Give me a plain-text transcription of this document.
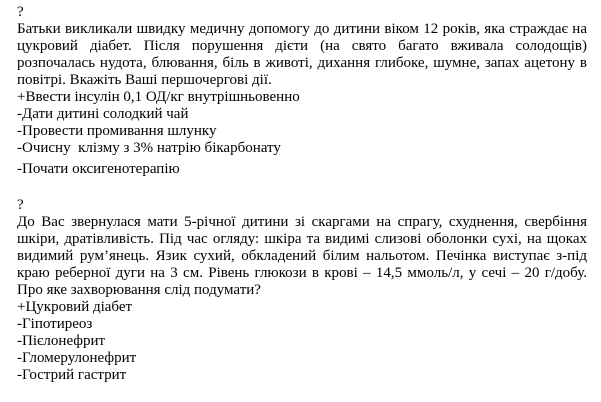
?

Батьки викликали швидку медичну допомогу до дитини віком 12 років, яка страждає на цукровий діабет. Після порушення дієти (на свято багато вживала солодощів) розпочалась нудота, блювання, біль в животі, дихання глибоке, шумне, запах ацетону в повітрі. Вкажіть Ваші першочергові дії.

+Ввести інсулін 0,1 ОД/кг внутрішньовенно
-Дати дитині солодкий чай
-Провести промивання шлунку
-Очисну  клізму з 3% натрію бікарбонату
-Почати оксигенотерапію

?

До Вас звернулася мати 5-річної дитини зі скаргами на спрагу, схуднення, свербіння шкіри, дратівливість. Під час огляду: шкіра та видимі слизові оболонки сухі, на щоках видимий рум’янець. Язик сухий, обкладений білим нальотом. Печінка виступає з-під краю реберної дуги на 3 см. Рівень глюкози в крові – 14,5 ммоль/л, у сечі – 20 г/добу. Про яке захворювання слід подумати?

+Цукровий діабет
-Гіпотиреоз
-Пієлонефрит
-Гломерулонефрит
-Гострий гастрит
